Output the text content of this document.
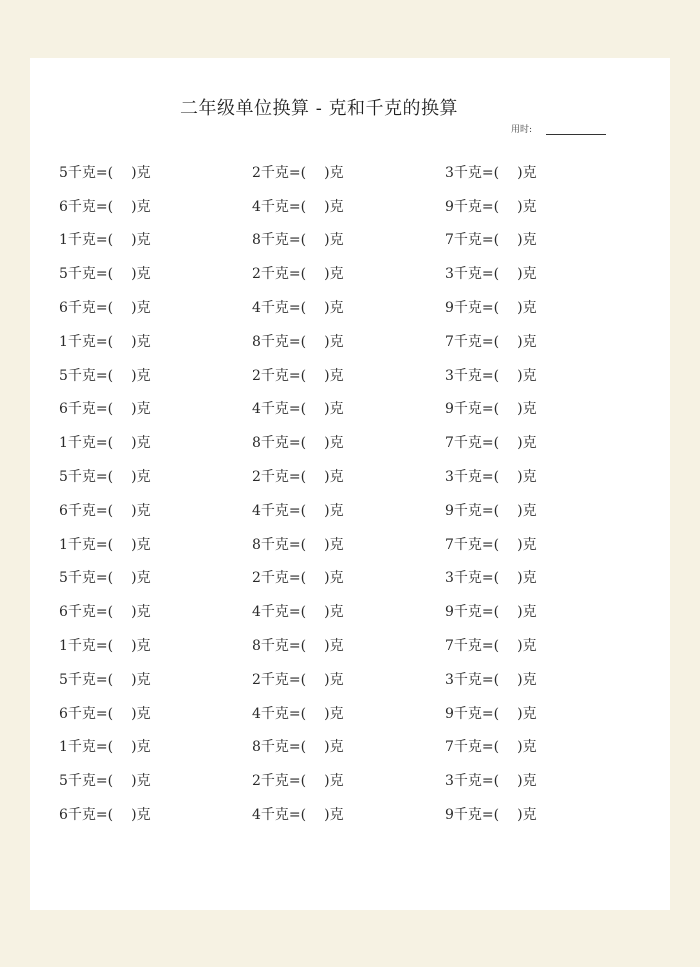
二年级单位换算 - 克和千克的换算
用时:
5千克=( )克	2千克=( )克	3千克=( )克
6千克=( )克	4千克=( )克	9千克=( )克
1千克=( )克	8千克=( )克	7千克=( )克
5千克=( )克	2千克=( )克	3千克=( )克
6千克=( )克	4千克=( )克	9千克=( )克
1千克=( )克	8千克=( )克	7千克=( )克
5千克=( )克	2千克=( )克	3千克=( )克
6千克=( )克	4千克=( )克	9千克=( )克
1千克=( )克	8千克=( )克	7千克=( )克
5千克=( )克	2千克=( )克	3千克=( )克
6千克=( )克	4千克=( )克	9千克=( )克
1千克=( )克	8千克=( )克	7千克=( )克
5千克=( )克	2千克=( )克	3千克=( )克
6千克=( )克	4千克=( )克	9千克=( )克
1千克=( )克	8千克=( )克	7千克=( )克
5千克=( )克	2千克=( )克	3千克=( )克
6千克=( )克	4千克=( )克	9千克=( )克
1千克=( )克	8千克=( )克	7千克=( )克
5千克=( )克	2千克=( )克	3千克=( )克
6千克=( )克	4千克=( )克	9千克=( )克
